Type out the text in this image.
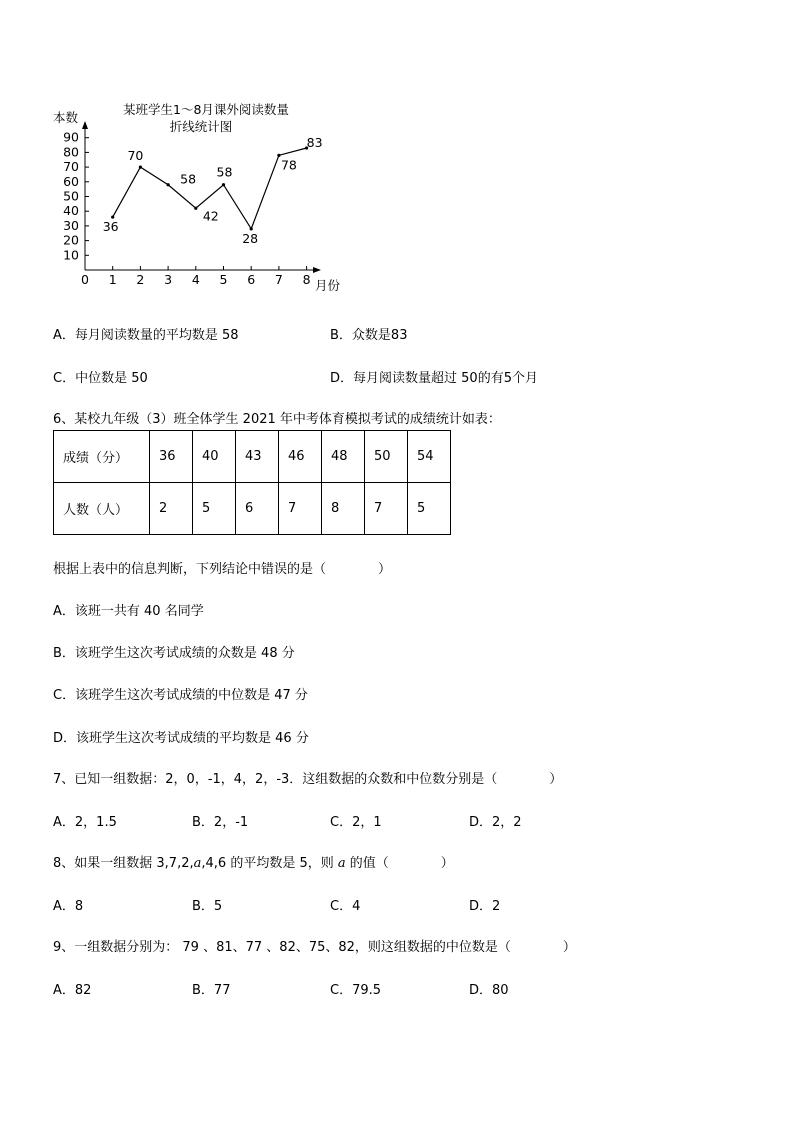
某班学生1～8月课外阅读数量
折线统计图
本数
月份
10
20
30
40
50
60
70
80
90
0 1 2 3 4 5 6 7 8
36
70
58
42
58
28
78
83
A．每月阅读数量的平均数是 58	B．众数是83
C．中位数是 50	D．每月阅读数量超过 50的有5个月
6、某校九年级（3）班全体学生 2021 年中考体育模拟考试的成绩统计如表：
成绩（分）	36	40	43	46	48	50	54
人数（人）	2	5	6	7	8	7	5
根据上表中的信息判断，下列结论中错误的是（　　　　）
A．该班一共有 40 名同学
B．该班学生这次考试成绩的众数是 48 分
C．该班学生这次考试成绩的中位数是 47 分
D．该班学生这次考试成绩的平均数是 46 分
7、已知一组数据：2，0，-1，4，2，-3．这组数据的众数和中位数分别是（　　　　）
A．2，1.5	B．2，-1	C．2，1	D．2，2
8、如果一组数据 3,7,2,a,4,6 的平均数是 5，则 a 的值（　　　　）
A．8	B．5	C．4	D．2
9、一组数据分别为： 79 、81、77 、82、75、82，则这组数据的中位数是（　　　　）
A．82	B．77	C．79.5	D．80
